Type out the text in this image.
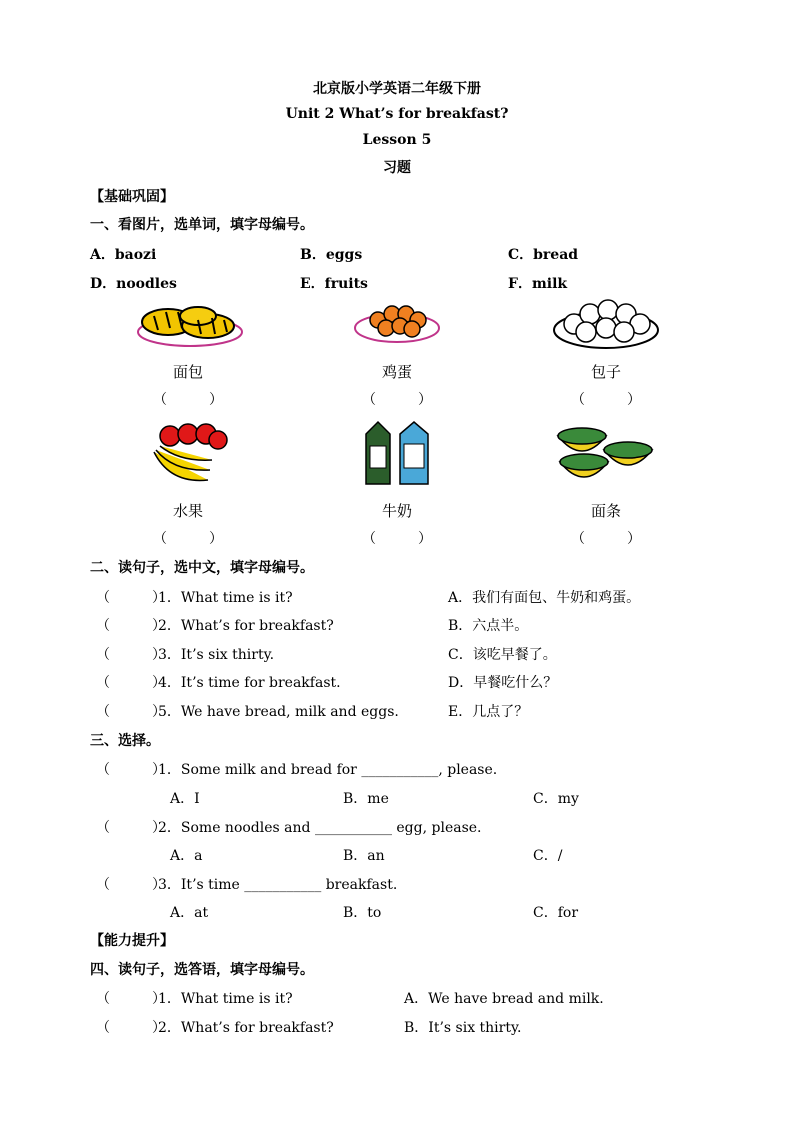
北京版小学英语二年级下册
Unit 2 What’s for breakfast?
Lesson 5
习题
【基础巩固】
一、看图片，选单词，填字母编号。
A．baozi	B．eggs	C．bread
D．noodles	E．fruits	F．milk
面包	鸡蛋	包子
（　　　）	（　　　）	（　　　）
水果	牛奶	面条
（　　　）	（　　　）	（　　　）
二、读句子，选中文，填字母编号。
（　　　）
1．What time is it?	A．我们有面包、牛奶和鸡蛋。
（　　　）
2．What’s for breakfast?	B．六点半。
（　　　）
3．It’s six thirty.	C．该吃早餐了。
（　　　）
4．It’s time for breakfast.	D．早餐吃什么？
（　　　）
5．We have bread, milk and eggs.	E．几点了？
三、选择。
（　　　）
1．Some milk and bread for ___________, please.
A．I	B．me	C．my
（　　　）
2．Some noodles and ___________ egg, please.
A．a	B．an	C．/
（　　　）
3．It’s time ___________ breakfast.
A．at	B．to	C．for
【能力提升】
四、读句子，选答语，填字母编号。
（　　　）
1．What time is it?	A．We have bread and milk.
（　　　）
2．What’s for breakfast?	B．It’s six thirty.
